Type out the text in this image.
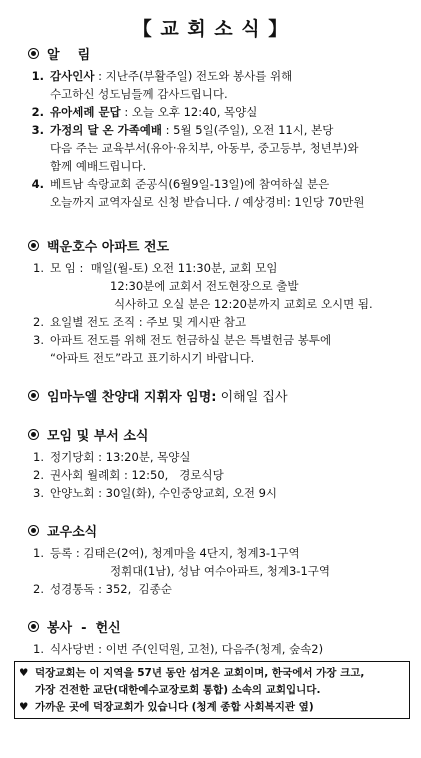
【 교 회 소 식 】
알    림
1. 감사인사 : 지난주(부활주일) 전도와 봉사를 위해
수고하신 성도님들께 감사드립니다.
2. 유아세례 문답 : 오늘 오후 12:40, 목양실
3. 가정의 달 온 가족예배 : 5월 5일(주일), 오전 11시, 본당
다음 주는 교육부서(유아·유치부, 아동부, 중고등부, 청년부)와
함께 예배드립니다.
4. 베트남 속랑교회 준공식(6월9일-13일)에 참여하실 분은
오늘까지 교역자실로 신청 받습니다. / 예상경비: 1인당 70만원
백운호수 아파트 전도
1. 모 임 :  매일(월-토) 오전 11:30분, 교회 모임
12:30분에 교회서 전도현장으로 출발
식사하고 오실 분은 12:20분까지 교회로 오시면 됨.
2. 요일별 전도 조직 : 주보 및 게시판 참고
3. 아파트 전도를 위해 전도 헌금하실 분은 특별헌금 봉투에
“아파트 전도”라고 표기하시기 바랍니다.
임마누엘 찬양대 지휘자 임명: 이해일 집사
모임 및 부서 소식
1. 정기당회 : 13:20분, 목양실
2. 권사회 월례회 : 12:50,   경로식당
3. 안양노회 : 30일(화), 수인중앙교회, 오전 9시
교우소식
1. 등록 : 김태은(2여), 청계마을 4단지, 청계3-1구역
정휘대(1남), 성남 여수아파트, 청계3-1구역
2. 성경통독 : 352,  김종순
봉사  -  헌신
1. 식사당번 : 이번 주(인덕원, 고천), 다음주(청계, 숲속2)
♥ 덕장교회는 이 지역을 57년 동안 섬겨온 교회이며, 한국에서 가장 크고,
가장 건전한 교단(대한예수교장로회 통합) 소속의 교회입니다.
♥ 가까운 곳에 덕장교회가 있습니다 (청계 종합 사회복지관 옆)
